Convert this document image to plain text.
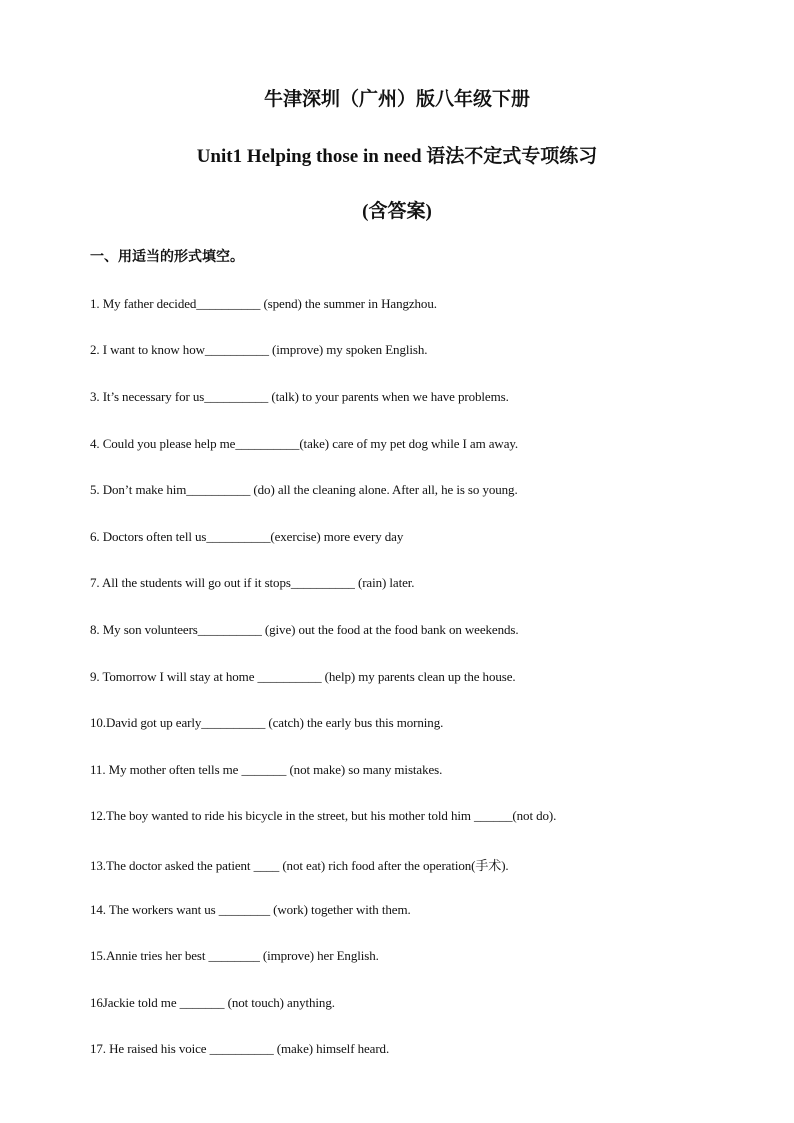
牛津深圳（广州）版八年级下册
Unit1 Helping those in need 语法不定式专项练习
(含答案)
一、用适当的形式填空。
1. My father decided__________ (spend) the summer in Hangzhou.
2. I want to know how__________ (improve) my spoken English.
3. It’s necessary for us__________ (talk) to your parents when we have problems.
4. Could you please help me__________(take) care of my pet dog while I am away.
5. Don’t make him__________ (do) all the cleaning alone. After all, he is so young.
6. Doctors often tell us__________(exercise) more every day
7. All the students will go out if it stops__________ (rain) later.
8. My son volunteers__________ (give) out the food at the food bank on weekends.
9. Tomorrow I will stay at home __________ (help) my parents clean up the house.
10.David got up early__________ (catch) the early bus this morning.
11. My mother often tells me _______ (not make) so many mistakes.
12.The boy wanted to ride his bicycle in the street, but his mother told him ______(not do).
13.The doctor asked the patient ____ (not eat) rich food after the operation(手术).
14. The workers want us ________ (work) together with them.
15.Annie tries her best ________ (improve) her English.
16Jackie told me _______ (not touch) anything.
17. He raised his voice __________ (make) himself heard.
